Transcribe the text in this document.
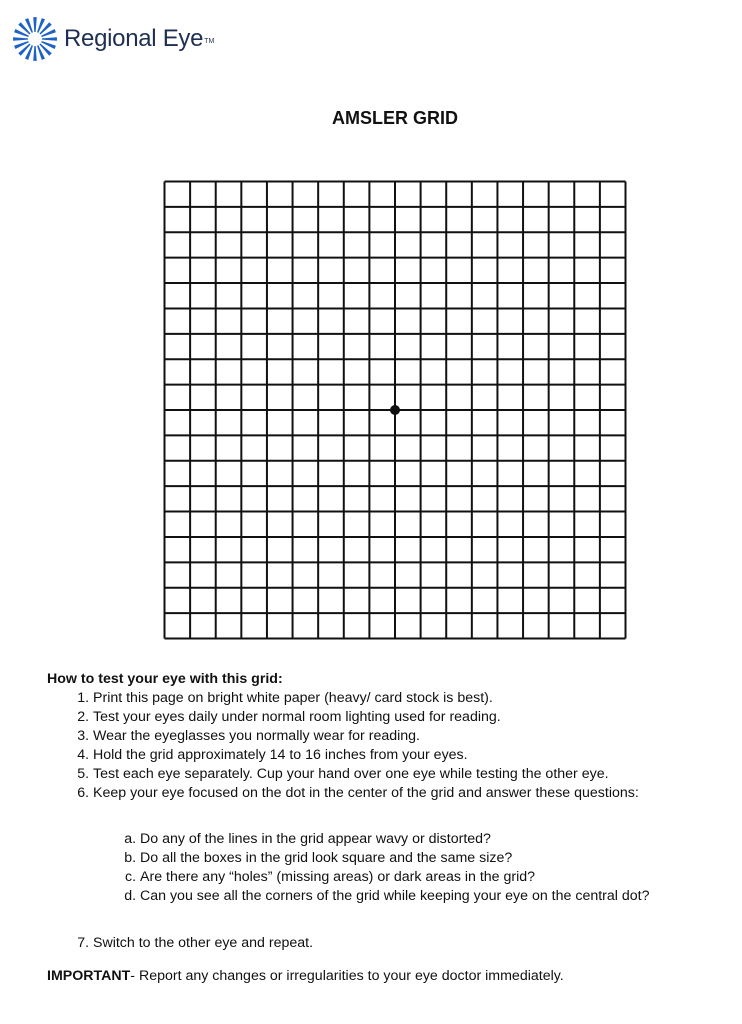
Regional Eye TM
AMSLER GRID
How to test your eye with this grid:
1. Print this page on bright white paper (heavy/ card stock is best).
2. Test your eyes daily under normal room lighting used for reading.
3. Wear the eyeglasses you normally wear for reading.
4. Hold the grid approximately 14 to 16 inches from your eyes.
5. Test each eye separately. Cup your hand over one eye while testing the other eye.
6. Keep your eye focused on the dot in the center of the grid and answer these questions:
a. Do any of the lines in the grid appear wavy or distorted?
b. Do all the boxes in the grid look square and the same size?
c. Are there any “holes” (missing areas) or dark areas in the grid?
d. Can you see all the corners of the grid while keeping your eye on the central dot?
7. Switch to the other eye and repeat.
IMPORTANT- Report any changes or irregularities to your eye doctor immediately.
